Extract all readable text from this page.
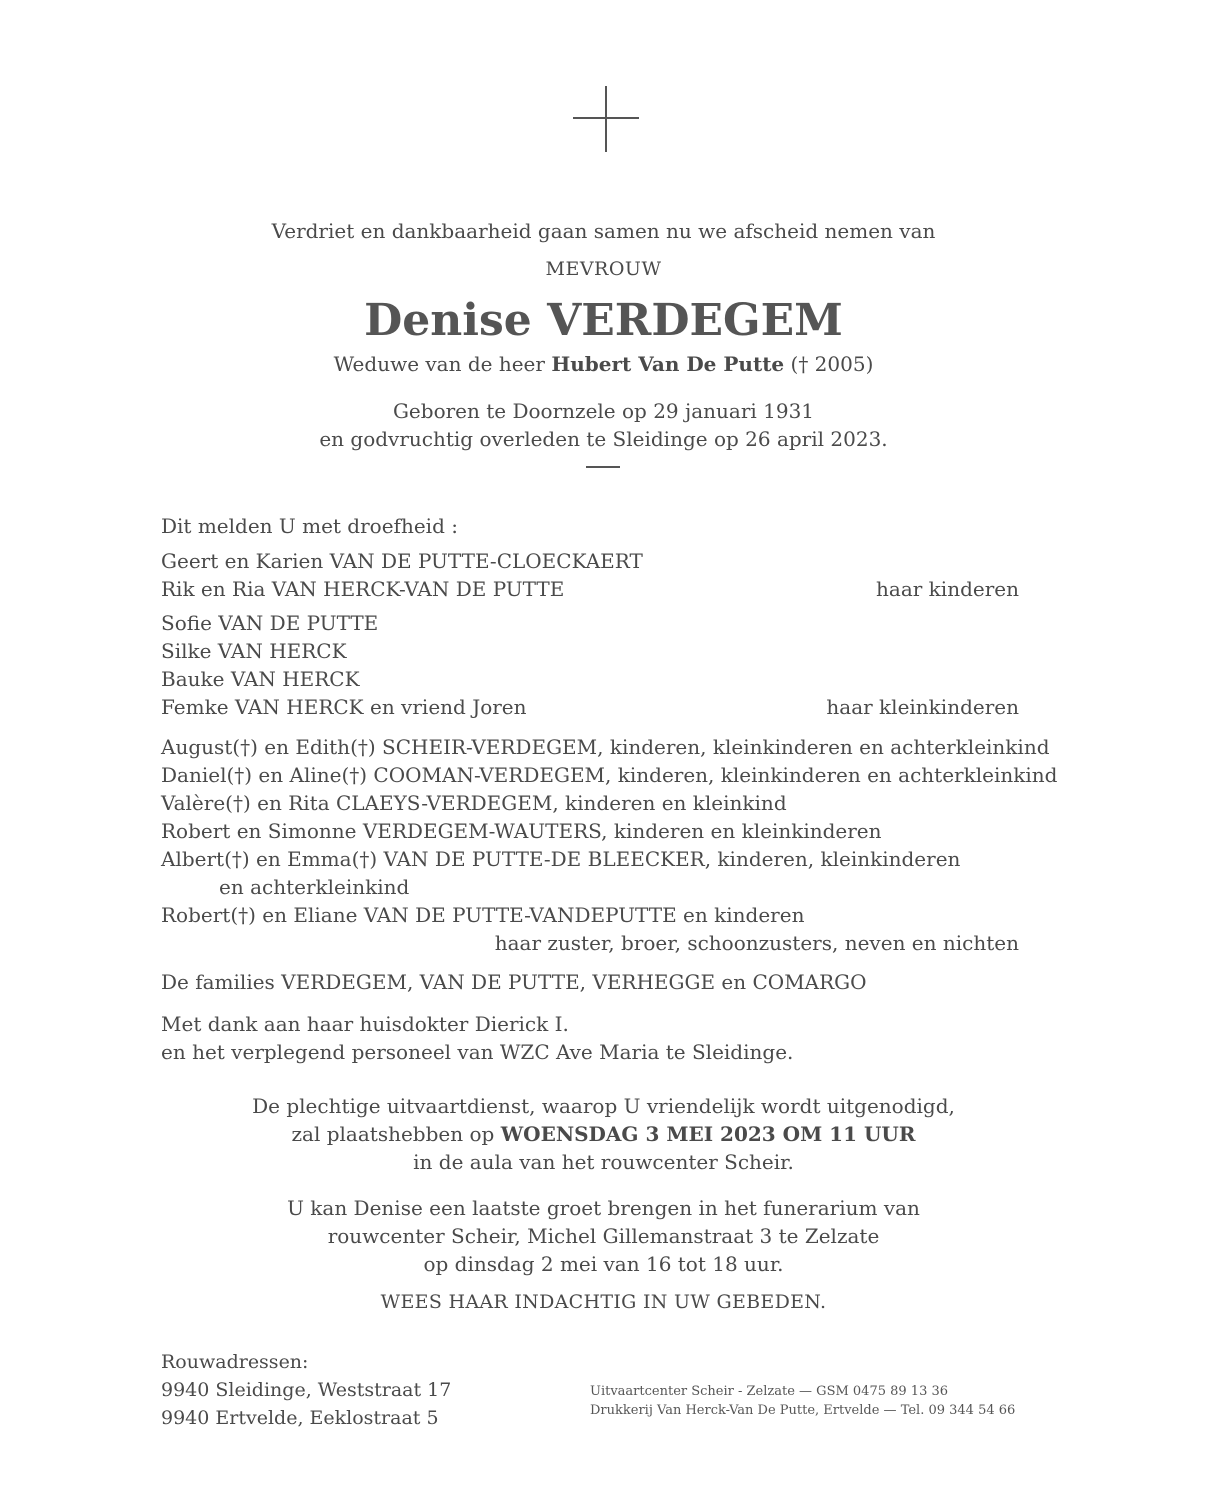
Verdriet en dankbaarheid gaan samen nu we afscheid nemen van
MEVROUW
Denise VERDEGEM
Weduwe van de heer Hubert Van De Putte († 2005)
Geboren te Doornzele op 29 januari 1931
en godvruchtig overleden te Sleidinge op 26 april 2023.
Dit melden U met droefheid :
Geert en Karien VAN DE PUTTE-CLOECKAERT
Rik en Ria VAN HERCK-VAN DE PUTTE	haar kinderen
Sofie VAN DE PUTTE
Silke VAN HERCK
Bauke VAN HERCK
Femke VAN HERCK en vriend Joren	haar kleinkinderen
August(†) en Edith(†) SCHEIR-VERDEGEM, kinderen, kleinkinderen en achterkleinkind
Daniel(†) en Aline(†) COOMAN-VERDEGEM, kinderen, kleinkinderen en achterkleinkind
Valère(†) en Rita CLAEYS-VERDEGEM, kinderen en kleinkind
Robert en Simonne VERDEGEM-WAUTERS, kinderen en kleinkinderen
Albert(†) en Emma(†) VAN DE PUTTE-DE BLEECKER, kinderen, kleinkinderen
en achterkleinkind
Robert(†) en Eliane VAN DE PUTTE-VANDEPUTTE en kinderen
haar zuster, broer, schoonzusters, neven en nichten
De families VERDEGEM, VAN DE PUTTE, VERHEGGE en COMARGO
Met dank aan haar huisdokter Dierick I.
en het verplegend personeel van WZC Ave Maria te Sleidinge.
De plechtige uitvaartdienst, waarop U vriendelijk wordt uitgenodigd,
zal plaatshebben op WOENSDAG 3 MEI 2023 OM 11 UUR
in de aula van het rouwcenter Scheir.
U kan Denise een laatste groet brengen in het funerarium van
rouwcenter Scheir, Michel Gillemanstraat 3 te Zelzate
op dinsdag 2 mei van 16 tot 18 uur.
WEES HAAR INDACHTIG IN UW GEBEDEN.
Rouwadressen:
9940 Sleidinge, Weststraat 17
9940 Ertvelde, Eeklostraat 5
Uitvaartcenter Scheir - Zelzate — GSM 0475 89 13 36
Drukkerij Van Herck-Van De Putte, Ertvelde — Tel. 09 344 54 66
